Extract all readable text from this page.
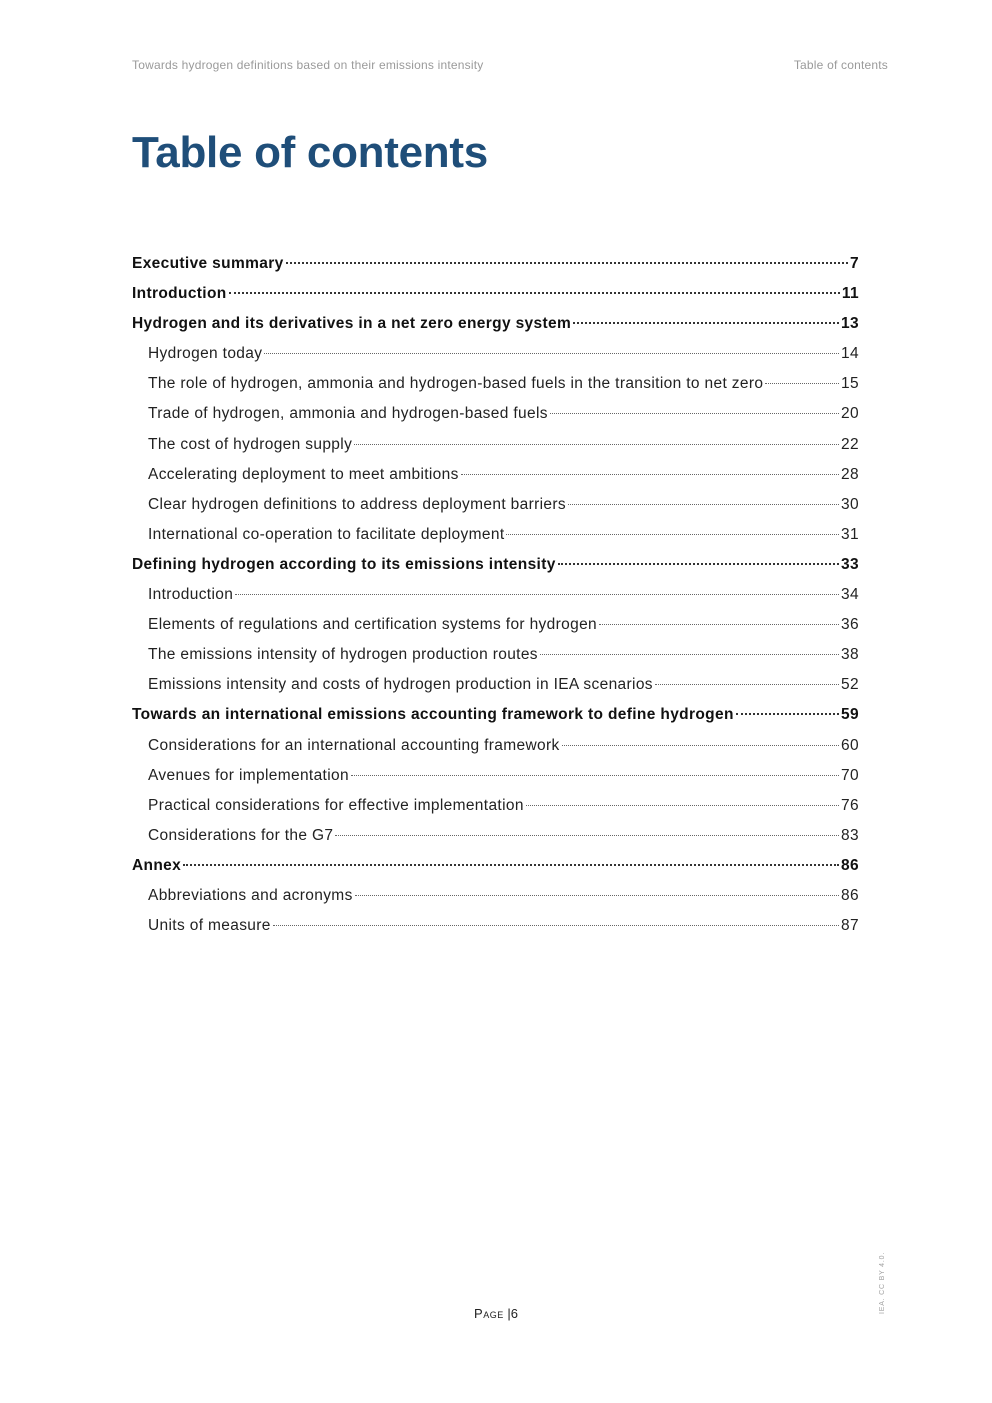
Towards hydrogen definitions based on their emissions intensity	Table of contents
Table of contents
Executive summary	7
Introduction	11
Hydrogen and its derivatives in a net zero energy system	13
Hydrogen today	14
The role of hydrogen, ammonia and hydrogen-based fuels in the transition to net zero	15
Trade of hydrogen, ammonia and hydrogen-based fuels	20
The cost of hydrogen supply	22
Accelerating deployment to meet ambitions	28
Clear hydrogen definitions to address deployment barriers	30
International co-operation to facilitate deployment	31
Defining hydrogen according to its emissions intensity	33
Introduction	34
Elements of regulations and certification systems for hydrogen	36
The emissions intensity of hydrogen production routes	38
Emissions intensity and costs of hydrogen production in IEA scenarios	52
Towards an international emissions accounting framework to define hydrogen	59
Considerations for an international accounting framework	60
Avenues for implementation	70
Practical considerations for effective implementation	76
Considerations for the G7	83
Annex	86
Abbreviations and acronyms	86
Units of measure	87
IEA. CC BY 4.0.
Page |6
